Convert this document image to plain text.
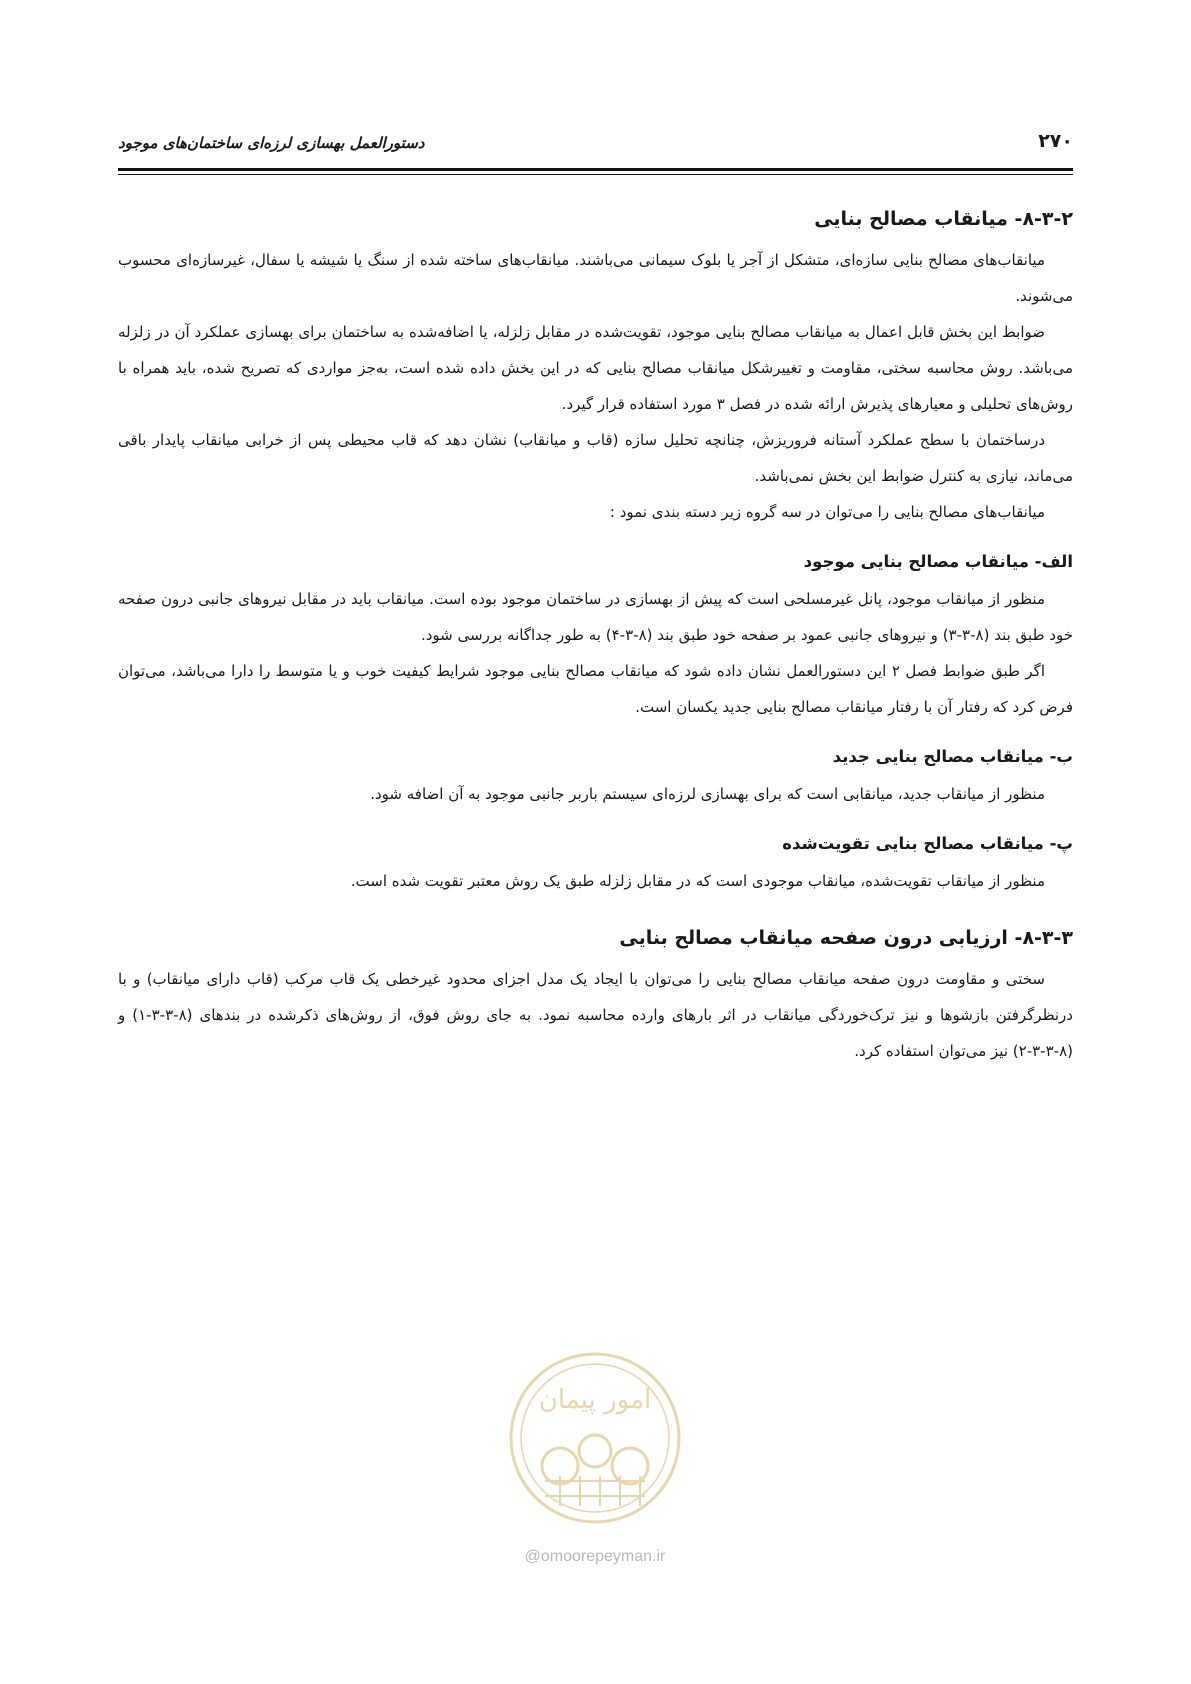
۲۷۰
دستورالعمل بهسازی لرزه‌ای ساختمان‌های موجود
۸-۳-۲- میانقاب مصالح بنایی

میانقاب‌های مصالح بنایی سازه‌ای، متشکل از آجر یا بلوک سیمانی می‌باشند. میانقاب‌های ساخته شده از سنگ یا شیشه یا سفال، غیرسازه‌ای محسوب می‌شوند.

ضوابط این بخش قابل اعمال به میانقاب مصالح بنایی موجود، تقویت‌شده در مقابل زلزله، یا اضافه‌شده به ساختمان برای بهسازی عملکرد آن در زلزله می‌باشد. روش محاسبه سختی، مقاومت و تغییرشکل میانقاب مصالح بنایی که در این بخش داده شده است، به‌جز مواردی که تصریح شده، باید همراه با روش‌های تحلیلی و معیارهای پذیرش ارائه شده در فصل ۳ مورد استفاده قرار گیرد.

درساختمان با سطح عملکرد آستانه فروریزش، چنانچه تحلیل سازه (قاب و میانقاب) نشان دهد که قاب محیطی پس از خرابی میانقاب پایدار باقی می‌ماند، نیازی به کنترل ضوابط این بخش نمی‌باشد.

میانقاب‌های مصالح بنایی را می‌توان در سه گروه زیر دسته بندی نمود :

الف- میانقاب مصالح بنایی موجود

منظور از میانقاب موجود، پانل غیرمسلحی است که پیش از بهسازی در ساختمان موجود بوده است. میانقاب باید در مقابل نیروهای جانبی درون صفحه خود طبق بند (۸-۳-۳) و نیروهای جانبی عمود بر صفحه خود طبق بند (۸-۳-۴) به طور جداگانه بررسی شود.

اگر طبق ضوابط فصل ۲ این دستورالعمل نشان داده شود که میانقاب مصالح بنایی موجود شرایط کیفیت خوب و یا متوسط را دارا می‌باشد، می‌توان فرض کرد که رفتار آن با رفتار میانقاب مصالح بنایی جدید یکسان است.

ب- میانقاب مصالح بنایی جدید

منظور از میانقاب جدید، میانقابی است که برای بهسازی لرزه‌ای سیستم باربر جانبی موجود به آن اضافه شود.

پ- میانقاب مصالح بنایی تقویت‌شده

منظور از میانقاب تقویت‌شده، میانقاب موجودی است که در مقابل زلزله طبق یک روش معتبر تقویت شده است.

۸-۳-۳- ارزیابی درون صفحه میانقاب مصالح بنایی

سختی و مقاومت درون صفحه میانقاب مصالح بنایی را می‌توان با ایجاد یک مدل اجزای محدود غیرخطی یک قاب مرکب (قاب دارای میانقاب) و با درنظرگرفتن بازشوها و نیز ترک‌خوردگی میانقاب در اثر بارهای وارده محاسبه نمود. به جای روش فوق، از روش‌های ذکرشده در بندهای (۸-۳-۳-۱) و (۸-۳-۳-۲) نیز می‌توان استفاده کرد.

امور پیمان
@omoorepeyman.ir
